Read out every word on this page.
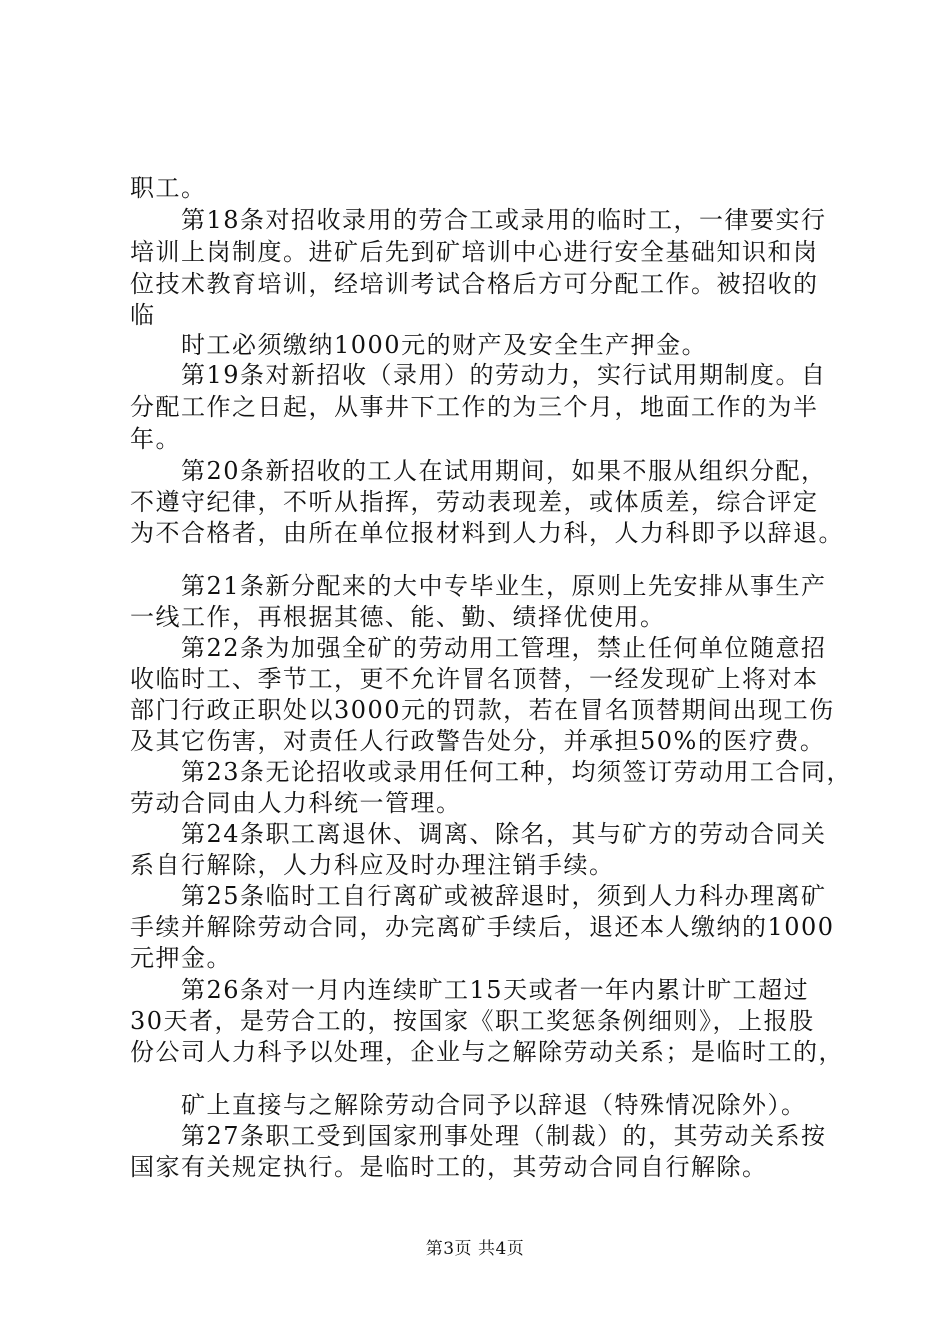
职工。
　　第18条对招收录用的劳合工或录用的临时工，一律要实行
培训上岗制度。进矿后先到矿培训中心进行安全基础知识和岗
位技术教育培训，经培训考试合格后方可分配工作。被招收的
临
　　时工必须缴纳1000元的财产及安全生产押金。
　　第19条对新招收（录用）的劳动力，实行试用期制度。自
分配工作之日起，从事井下工作的为三个月，地面工作的为半
年。
　　第20条新招收的工人在试用期间，如果不服从组织分配，
不遵守纪律，不听从指挥，劳动表现差，或体质差，综合评定
为不合格者，由所在单位报材料到人力科，人力科即予以辞退。
　　第21条新分配来的大中专毕业生，原则上先安排从事生产
一线工作，再根据其德、能、勤、绩择优使用。
　　第22条为加强全矿的劳动用工管理，禁止任何单位随意招
收临时工、季节工，更不允许冒名顶替，一经发现矿上将对本
部门行政正职处以3000元的罚款，若在冒名顶替期间出现工伤
及其它伤害，对责任人行政警告处分，并承担50%的医疗费。
　　第23条无论招收或录用任何工种，均须签订劳动用工合同，
劳动合同由人力科统一管理。
　　第24条职工离退休、调离、除名，其与矿方的劳动合同关
系自行解除，人力科应及时办理注销手续。
　　第25条临时工自行离矿或被辞退时，须到人力科办理离矿
手续并解除劳动合同，办完离矿手续后，退还本人缴纳的1000
元押金。
　　第26条对一月内连续旷工15天或者一年内累计旷工超过
30天者，是劳合工的，按国家《职工奖惩条例细则》，上报股
份公司人力科予以处理，企业与之解除劳动关系；是临时工的，
　　矿上直接与之解除劳动合同予以辞退（特殊情况除外）。
　　第27条职工受到国家刑事处理（制裁）的，其劳动关系按
国家有关规定执行。是临时工的，其劳动合同自行解除。
第3页 共4页
